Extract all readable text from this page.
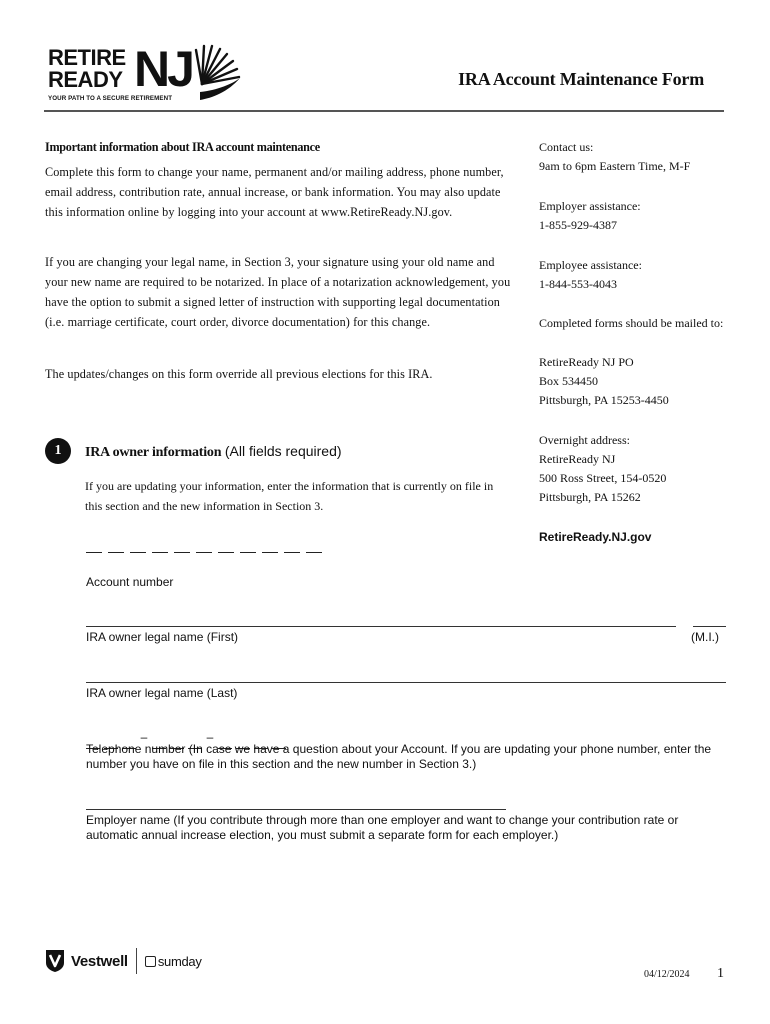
RETIRE
READY NJ
YOUR PATH TO A SECURE RETIREMENT
IRA Account Maintenance Form
Important information about IRA account maintenance
Complete this form to change your name, permanent and/or mailing address, phone number, email address, contribution rate, annual increase, or bank information. You may also update this information online by logging into your account at www.RetireReady.NJ.gov.
If you are changing your legal name, in Section 3, your signature using your old name and your new name are required to be notarized. In place of a notarization acknowledgement, you have the option to submit a signed letter of instruction with supporting legal documentation (i.e. marriage certificate, court order, divorce documentation) for this change.
The updates/changes on this form override all previous elections for this IRA.
Contact us:
9am to 6pm Eastern Time, M-F
Employer assistance:
1-855-929-4387
Employee assistance:
1-844-553-4043
Completed forms should be mailed to:
RetireReady NJ PO
Box 534450
Pittsburgh, PA 15253-4450
Overnight address:
RetireReady NJ
500 Ross Street, 154-0520
Pittsburgh, PA 15262
RetireReady.NJ.gov
1	IRA owner information (All fields required)
If you are updating your information, enter the information that is currently on file in this section and the new information in Section 3.
Account number
IRA owner legal name (First)	(M.I.)
IRA owner legal name (Last)
–	–
Telephone number (In case we have a question about your Account. If you are updating your phone number, enter the number you have on file in this section and the new number in Section 3.)
Employer name (If you contribute through more than one employer and want to change your contribution rate or automatic annual increase election, you must submit a separate form for each employer.)
Vestwell sumday
04/12/2024 1
